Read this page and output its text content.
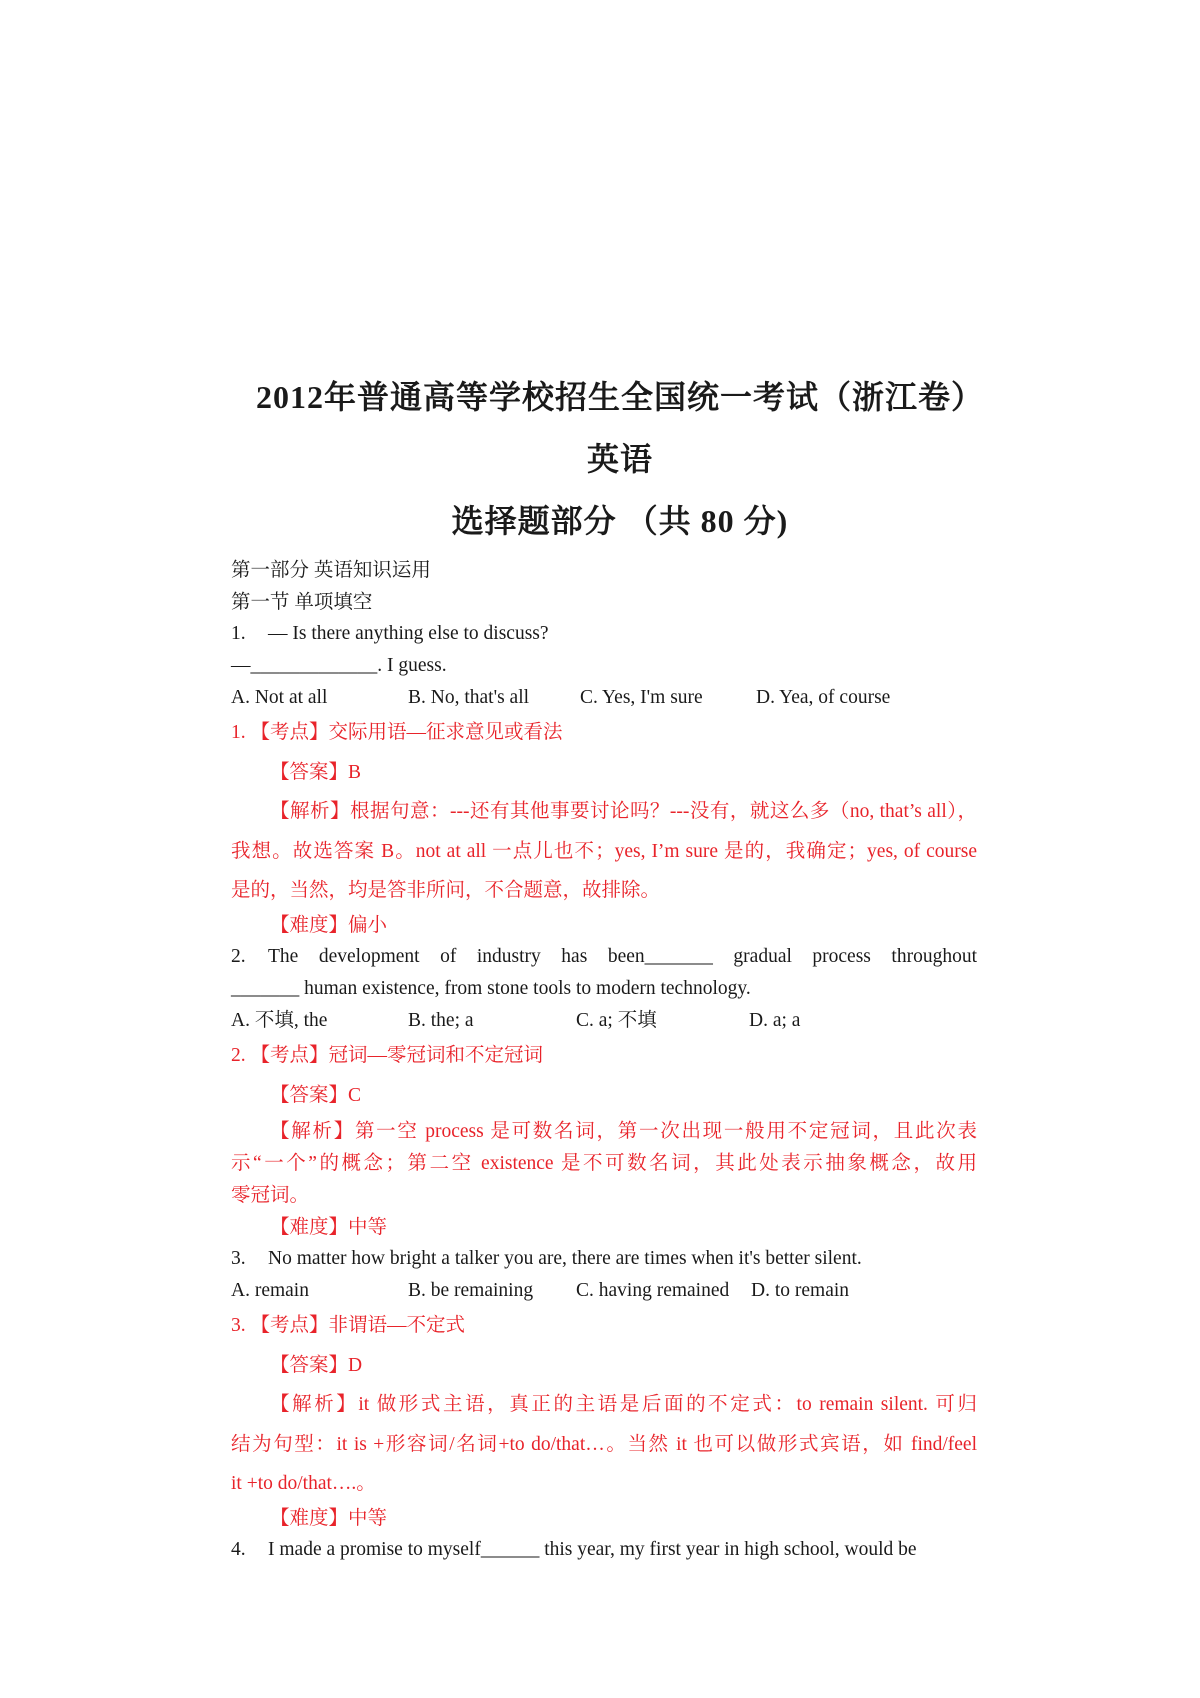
2012年普通高等学校招生全国统一考试（浙江卷）
英语
选择题部分 （共 80 分)
第一部分 英语知识运用
第一节 单项填空
1. — Is there anything else to discuss?
—_____________. I guess.
A. Not at all	B. No, that's all	C. Yes, I'm sure	D. Yea, of course
1. 【考点】交际用语—征求意见或看法
【答案】B
【解析】根据句意：---还有其他事要讨论吗？---没有，就这么多（no, that’s all），
我想。故选答案 B。not at all 一点儿也不；yes, I’m sure 是的，我确定；yes, of course
是的，当然，均是答非所问，不合题意，故排除。
【难度】偏小
2. The development of industry has been_______ gradual process throughout
_______ human existence, from stone tools to modern technology.
A. 不填, the	B. the; a	C. a; 不填	D. a; a
2. 【考点】冠词—零冠词和不定冠词
【答案】C
【解析】第一空 process 是可数名词，第一次出现一般用不定冠词，且此次表
示“一个”的概念；第二空 existence 是不可数名词，其此处表示抽象概念，故用
零冠词。
【难度】中等
3. No matter how bright a talker you are, there are times when it's better silent.
A. remain	B. be remaining C. having remained D. to remain
3. 【考点】非谓语—不定式
【答案】D
【解析】it 做形式主语，真正的主语是后面的不定式：to remain silent. 可归
结为句型：it is +形容词/名词+to do/that…。当然 it 也可以做形式宾语，如 find/feel
it +to do/that….。
【难度】中等
4. I made a promise to myself______ this year, my first year in high school, would be
